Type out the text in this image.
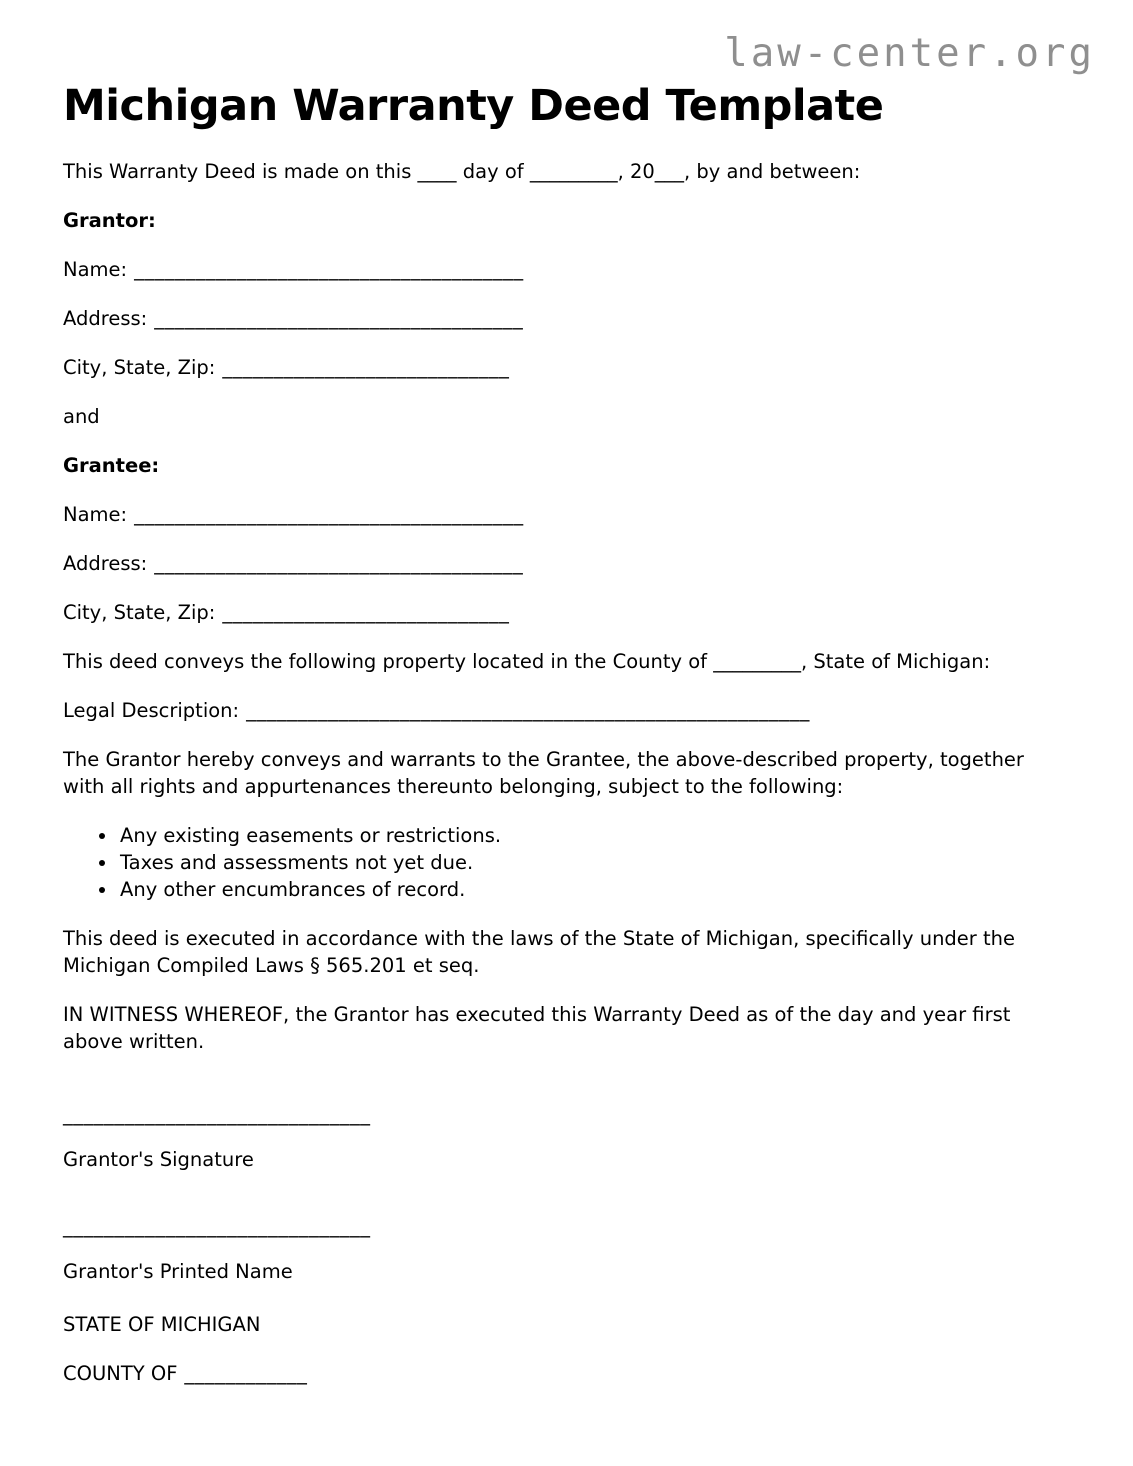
law-center.org
Michigan Warranty Deed Template

This Warranty Deed is made on this ____ day of _________, 20___, by and between:

Grantor:

Name: ______________________________________

Address: ____________________________________

City, State, Zip: ____________________________

and

Grantee:

Name: ______________________________________

Address: ____________________________________

City, State, Zip: ____________________________

This deed conveys the following property located in the County of _________, State of Michigan:

Legal Description: _______________________________________________________

The Grantor hereby conveys and warrants to the Grantee, the above-described property, together with all rights and appurtenances thereunto belonging, subject to the following:

• Any existing easements or restrictions.
• Taxes and assessments not yet due.
• Any other encumbrances of record.

This deed is executed in accordance with the laws of the State of Michigan, specifically under the Michigan Compiled Laws § 565.201 et seq.

IN WITNESS WHEREOF, the Grantor has executed this Warranty Deed as of the day and year first above written.

______________________________

Grantor's Signature

______________________________

Grantor's Printed Name

STATE OF MICHIGAN

COUNTY OF ____________
